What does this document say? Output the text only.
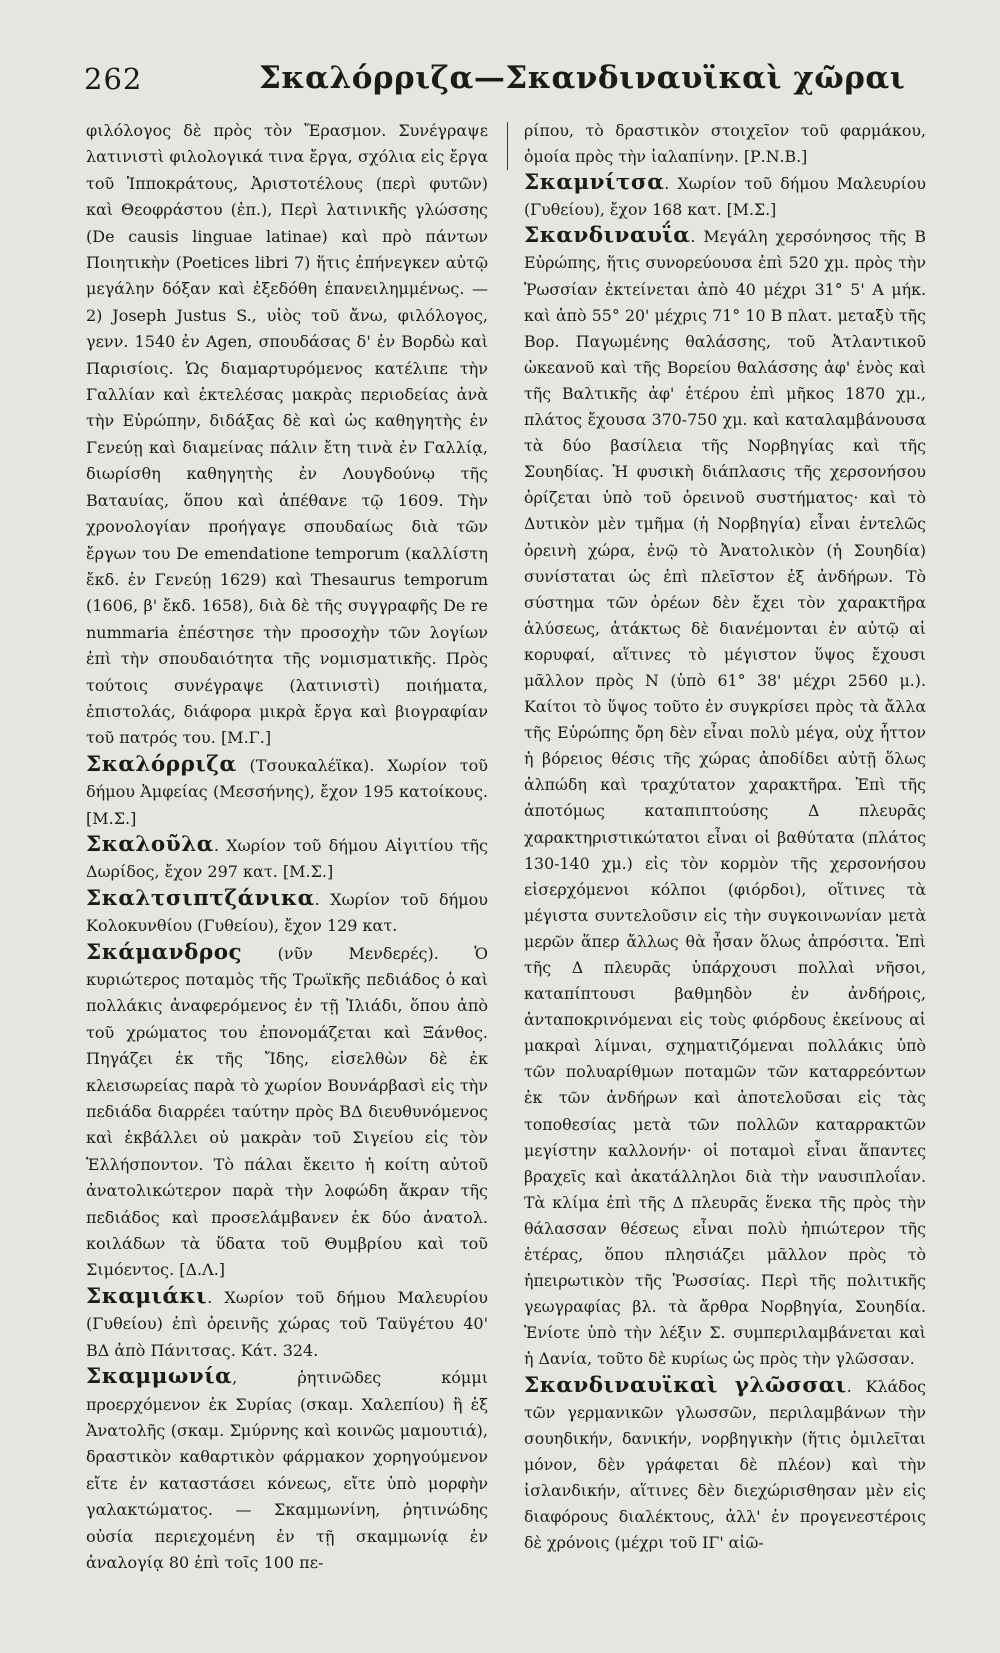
262	Σκαλόρριζα—Σκανδιναυϊκαὶ χῶραι

φιλόλογος δὲ πρὸς τὸν Ἔρασμον. Συνέγραψε λατινιστὶ φιλολογικά τινα ἔργα, σχόλια εἰς ἔργα τοῦ Ἱπποκράτους, Ἀριστοτέλους (περὶ φυτῶν) καὶ Θεοφράστου (ἐπ.), Περὶ λατινικῆς γλώσσης (De causis linguae latinae) καὶ πρὸ πάντων Ποιητικὴν (Poetices libri 7) ἥτις ἐπήνεγκεν αὐτῷ μεγάλην δόξαν καὶ ἐξεδόθη ἐπανειλημμένως. — 2) Joseph Justus S., υἱὸς τοῦ ἄνω, φιλόλογος, γενν. 1540 ἐν Agen, σπουδάσας δ' ἐν Βορδὼ καὶ Παρισίοις. Ὡς διαμαρτυρόμενος κατέλιπε τὴν Γαλλίαν καὶ ἐκτελέσας μακρὰς περιοδείας ἀνὰ τὴν Εὐρώπην, διδάξας δὲ καὶ ὡς καθηγητὴς ἐν Γενεύῃ καὶ διαμείνας πάλιν ἔτη τινὰ ἐν Γαλλίᾳ, διωρίσθη καθηγητὴς ἐν Λουγδούνῳ τῆς Βαταυίας, ὅπου καὶ ἀπέθανε τῷ 1609. Τὴν χρονολογίαν προήγαγε σπουδαίως διὰ τῶν ἔργων του De emendatione temporum (καλλίστη ἔκδ. ἐν Γενεύῃ 1629) καὶ Thesaurus temporum (1606, β' ἔκδ. 1658), διὰ δὲ τῆς συγγραφῆς De re nummaria ἐπέστησε τὴν προσοχὴν τῶν λογίων ἐπὶ τὴν σπουδαιότητα τῆς νομισματικῆς. Πρὸς τούτοις συνέγραψε (λατινιστὶ) ποιήματα, ἐπιστολάς, διάφορα μικρὰ ἔργα καὶ βιογραφίαν τοῦ πατρός του. [Μ.Γ.]

Σκαλόρριζα (Τσουκαλέϊκα). Χωρίον τοῦ δήμου Ἀμφείας (Μεσσήνης), ἔχον 195 κατοίκους. [Μ.Σ.]

Σκαλοῦλα. Χωρίον τοῦ δήμου Αἰγιτίου τῆς Δωρίδος, ἔχον 297 κατ. [Μ.Σ.]

Σκαλτσιπτζάνικα. Χωρίον τοῦ δήμου Κολοκυνθίου (Γυθείου), ἔχον 129 κατ.

Σκάμανδρος (νῦν Μενδερές). Ὁ κυριώτερος ποταμὸς τῆς Τρωϊκῆς πεδιάδος ὁ καὶ πολλάκις ἀναφερόμενος ἐν τῇ Ἰλιάδι, ὅπου ἀπὸ τοῦ χρώματος του ἐπονομάζεται καὶ Ξάνθος. Πηγάζει ἐκ τῆς Ἴδης, εἰσελθὼν δὲ ἐκ κλεισωρείας παρὰ τὸ χωρίον Βουνάρβασὶ εἰς τὴν πεδιάδα διαρρέει ταύτην πρὸς ΒΔ διευθυνόμενος καὶ ἐκβάλλει οὐ μακρὰν τοῦ Σιγείου εἰς τὸν Ἑλλήσποντον. Τὸ πάλαι ἔκειτο ἡ κοίτη αὐτοῦ ἀνατολικώτερον παρὰ τὴν λοφώδη ἄκραν τῆς πεδιάδος καὶ προσελάμβανεν ἐκ δύο ἀνατολ. κοιλάδων τὰ ὕδατα τοῦ Θυμβρίου καὶ τοῦ Σιμόεντος. [Δ.Λ.]

Σκαμιάκι. Χωρίον τοῦ δήμου Μαλευρίου (Γυθείου) ἐπὶ ὀρεινῆς χώρας τοῦ Ταϋγέτου 40' ΒΔ ἀπὸ Πάνιτσας. Κάτ. 324.

Σκαμμωνία, ῥητινῶδες κόμμι προερχόμενον ἐκ Συρίας (σκαμ. Χαλεπίου) ἢ ἐξ Ἀνατολῆς (σκαμ. Σμύρνης καὶ κοινῶς μαμουτιά), δραστικὸν καθαρτικὸν φάρμακον χορηγούμενον εἴτε ἐν καταστάσει κόνεως, εἴτε ὑπὸ μορφὴν γαλακτώματος. — Σκαμμωνίνη, ῥητινώδης οὐσία περιεχομένη ἐν τῇ σκαμμωνίᾳ ἐν ἀναλογίᾳ 80 ἐπὶ τοῖς 100 πε-

ρίπου, τὸ δραστικὸν στοιχεῖον τοῦ φαρμάκου, ὁμοία πρὸς τὴν ἰαλαπίνην. [Ρ.Ν.Β.]

Σκαμνίτσα. Χωρίον τοῦ δήμου Μαλευρίου (Γυθείου), ἔχον 168 κατ. [Μ.Σ.]

Σκανδιναυΐα. Μεγάλη χερσόνησος τῆς Β Εὐρώπης, ἥτις συνορεύουσα ἐπὶ 520 χμ. πρὸς τὴν Ῥωσσίαν ἐκτείνεται ἀπὸ 40 μέχρι 31° 5' Α μήκ. καὶ ἀπὸ 55° 20' μέχρις 71° 10 Β πλατ. μεταξὺ τῆς Βορ. Παγωμένης θαλάσσης, τοῦ Ἀτλαντικοῦ ὠκεανοῦ καὶ τῆς Βορείου θαλάσσης ἀφ' ἑνὸς καὶ τῆς Βαλτικῆς ἀφ' ἑτέρου ἐπὶ μῆκος 1870 χμ., πλάτος ἔχουσα 370-750 χμ. καὶ καταλαμβάνουσα τὰ δύο βασίλεια τῆς Νορβηγίας καὶ τῆς Σουηδίας. Ἡ φυσικὴ διάπλασις τῆς χερσονήσου ὁρίζεται ὑπὸ τοῦ ὀρεινοῦ συστήματος· καὶ τὸ Δυτικὸν μὲν τμῆμα (ἡ Νορβηγία) εἶναι ἐντελῶς ὀρεινὴ χώρα, ἐνῷ τὸ Ἀνατολικὸν (ἡ Σουηδία) συνίσταται ὡς ἐπὶ πλεῖστον ἐξ ἀνδήρων. Τὸ σύστημα τῶν ὀρέων δὲν ἔχει τὸν χαρακτῆρα ἁλύσεως, ἀτάκτως δὲ διανέμονται ἐν αὐτῷ αἱ κορυφαί, αἵτινες τὸ μέγιστον ὕψος ἔχουσι μᾶλλον πρὸς Ν (ὑπὸ 61° 38' μέχρι 2560 μ.). Καίτοι τὸ ὕψος τοῦτο ἐν συγκρίσει πρὸς τὰ ἄλλα τῆς Εὐρώπης ὄρη δὲν εἶναι πολὺ μέγα, οὐχ ἧττον ἡ βόρειος θέσις τῆς χώρας ἀποδίδει αὐτῇ ὅλως ἀλπώδη καὶ τραχύτατον χαρακτῆρα. Ἐπὶ τῆς ἀποτόμως καταπιπτούσης Δ πλευρᾶς χαρακτηριστικώτατοι εἶναι οἱ βαθύτατα (πλάτος 130-140 χμ.) εἰς τὸν κορμὸν τῆς χερσονήσου εἰσερχόμενοι κόλποι (φιόρδοι), οἵτινες τὰ μέγιστα συντελοῦσιν εἰς τὴν συγκοινωνίαν μετὰ μερῶν ἅπερ ἄλλως θὰ ἦσαν ὅλως ἀπρόσιτα. Ἐπὶ τῆς Δ πλευρᾶς ὑπάρχουσι πολλαὶ νῆσοι, καταπίπτουσι βαθμηδὸν ἐν ἀνδήροις, ἀνταποκρινόμεναι εἰς τοὺς φιόρδους ἐκείνους αἱ μακραὶ λίμναι, σχηματιζόμεναι πολλάκις ὑπὸ τῶν πολυαρίθμων ποταμῶν τῶν καταρρεόντων ἐκ τῶν ἀνδήρων καὶ ἀποτελοῦσαι εἰς τὰς τοποθεσίας μετὰ τῶν πολλῶν καταρρακτῶν μεγίστην καλλονήν· οἱ ποταμοὶ εἶναι ἅπαντες βραχεῖς καὶ ἀκατάλληλοι διὰ τὴν ναυσιπλοΐαν. Τὰ κλίμα ἐπὶ τῆς Δ πλευρᾶς ἕνεκα τῆς πρὸς τὴν θάλασσαν θέσεως εἶναι πολὺ ἠπιώτερον τῆς ἑτέρας, ὅπου πλησιάζει μᾶλλον πρὸς τὸ ἠπειρωτικὸν τῆς Ῥωσσίας. Περὶ τῆς πολιτικῆς γεωγραφίας βλ. τὰ ἄρθρα Νορβηγία, Σουηδία. Ἐνίοτε ὑπὸ τὴν λέξιν Σ. συμπεριλαμβάνεται καὶ ἡ Δανία, τοῦτο δὲ κυρίως ὡς πρὸς τὴν γλῶσσαν.

Σκανδιναυϊκαὶ γλῶσσαι. Κλάδος τῶν γερμανικῶν γλωσσῶν, περιλαμβάνων τὴν σουηδικήν, δανικήν, νορβηγικὴν (ἥτις ὁμιλεῖται μόνον, δὲν γράφεται δὲ πλέον) καὶ τὴν ἰσλανδικήν, αἵτινες δὲν διεχώρισθησαν μὲν εἰς διαφόρους διαλέκτους, ἀλλ' ἐν προγενεστέροις δὲ χρόνοις (μέχρι τοῦ ΙΓ' αἰῶ-
